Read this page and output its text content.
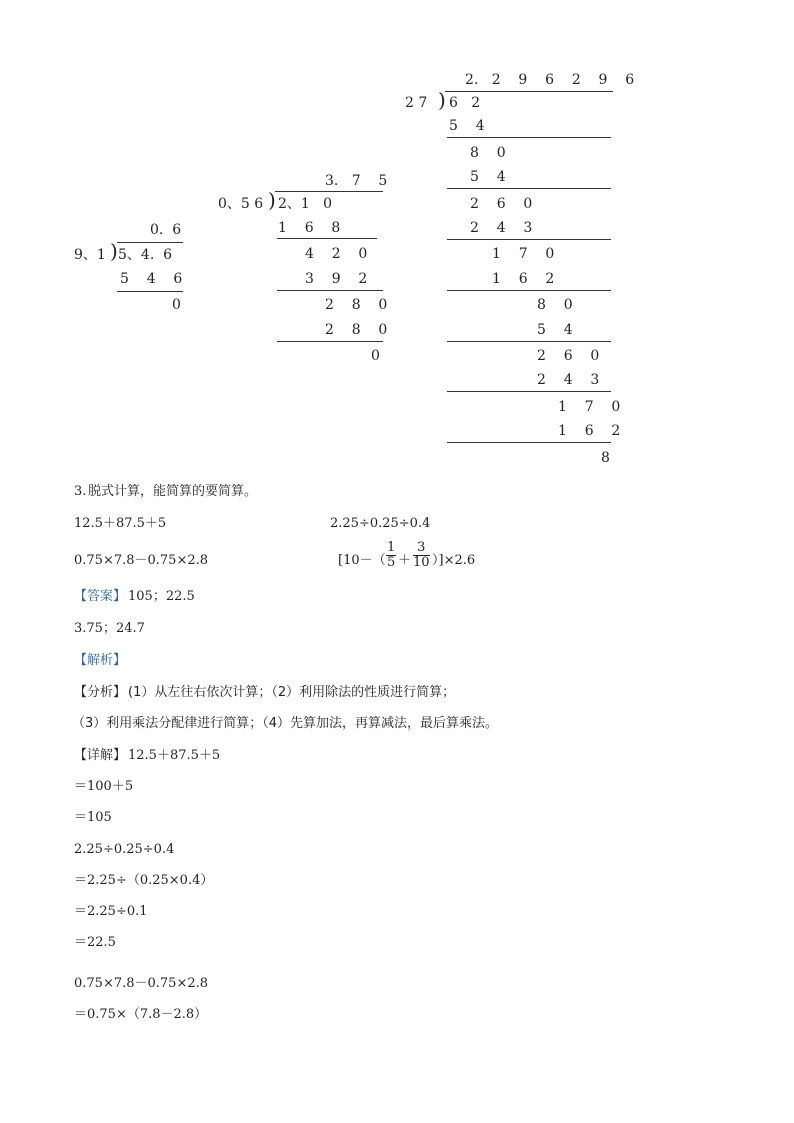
0.  6
9、1 ) 5、4.  6
5    4    6
0
3.   7    5
0、5 6 ) 2、1   0
1    6    8
4    2    0
3    9    2
2    8    0
2    8    0
0
2.   2    9    6    2    9    6
2 7 ) 6   2
5    4
8    0
5    4
2    6    0
2    4    3
1    7    0
1    6    2
8    0
5    4
2    6    0
2    4    3
1    7    0
1    6    2
8
3. 脱式计算，能简算的要简算。
12.5＋87.5＋5	2.25÷0.25÷0.4
0.75×7.8－0.75×2.8	$[10-( \frac{1}{5} + \frac{3}{10} )]\times 2.6$
【答案】 105；22.5
3.75；24.7
【解析】
【分析】 (1）从左往右依次计算；（2）利用除法的性质进行简算；
（3）利用乘法分配律进行简算；（4）先算加法，再算减法，最后算乘法。
【详解】 12.5＋87.5＋5
＝100＋5
＝105
2.25÷0.25÷0.4
＝2.25÷（0.25×0.4）
＝2.25÷0.1
＝22.5
0.75×7.8－0.75×2.8
＝0.75×（7.8－2.8）
